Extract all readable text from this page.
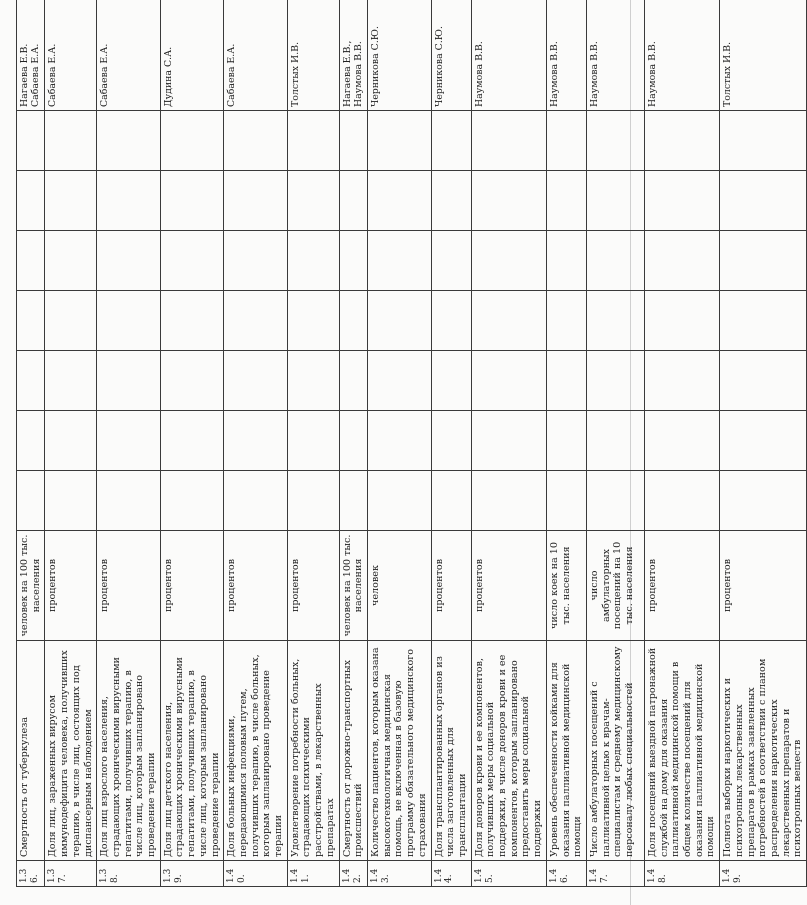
1.36.	Смертность от туберкулеза	человек на 100 тыс. населения								Нагаева Е.В. Сабаева Е.А.

1.37.	Доля лиц, зараженных вирусом иммунодефицита человека, получивших терапию, в числе лиц, состоящих под диспансерным наблюдением	процентов								Сабаева Е.А.

1.38.	Доля лиц взрослого населения, страдающих хроническими вирусными гепатитами, получивших терапию, в числе лиц, которым запланировано проведение терапии	процентов								Сабаева Е.А.

1.39.	Доля лиц детского населения, страдающих хроническими вирусными гепатитами, получивших терапию, в числе лиц, которым запланировано проведение терапии	процентов								Дудина С.А.

1.40.	Доля больных инфекциями, передающимися половым путем, получивших терапию, в числе больных, которым запланировано проведение терапии	процентов								Сабаева Е.А.

1.41.	Удовлетворение потребности больных, страдающих психическими расстройствами, в лекарственных препаратах	процентов								Толстых И.В.

1.42.	Смертность от дорожно-транспортных происшествий	человек на 100 тыс. населения								Нагаева Е.В., Наумова В.В.

1.43.	Количество пациентов, которым оказана высокотехнологичная медицинская помощь, не включенная в базовую программу обязательного медицинского страхования	человек								Черникова С.Ю.

1.44.	Доля трансплантированных органов из числа заготовленных для трансплантации	процентов								Черникова С.Ю.

1.45.	Доля доноров крови и ее компонентов, получивших меры социальной поддержки, в числе доноров крови и ее компонентов, которым запланировано предоставить меры социальной поддержки	процентов								Наумова В.В.

1.46.	Уровень обеспеченности койками для оказания паллиативной медицинской помощи	число коек на 10 тыс. населения								Наумова В.В.

1.47.	Число амбулаторных посещений с паллиативной целью к врачам-специалистам и среднему медицинскому персоналу любых специальностей	число амбулаторных посещений на 10 тыс. населения								Наумова В.В.

1.48.	Доля посещений выездной патронажной службой на дому для оказания паллиативной медицинской помощи в общем количестве посещений для оказания паллиативной медицинской помощи	процентов								Наумова В.В.

1.49.	Полнота выборки наркотических и психотропных лекарственных препаратов в рамках заявленных потребностей в соответствии с планом распределения наркотических лекарственных препаратов и психотропных веществ	процентов								Толстых И.В.
